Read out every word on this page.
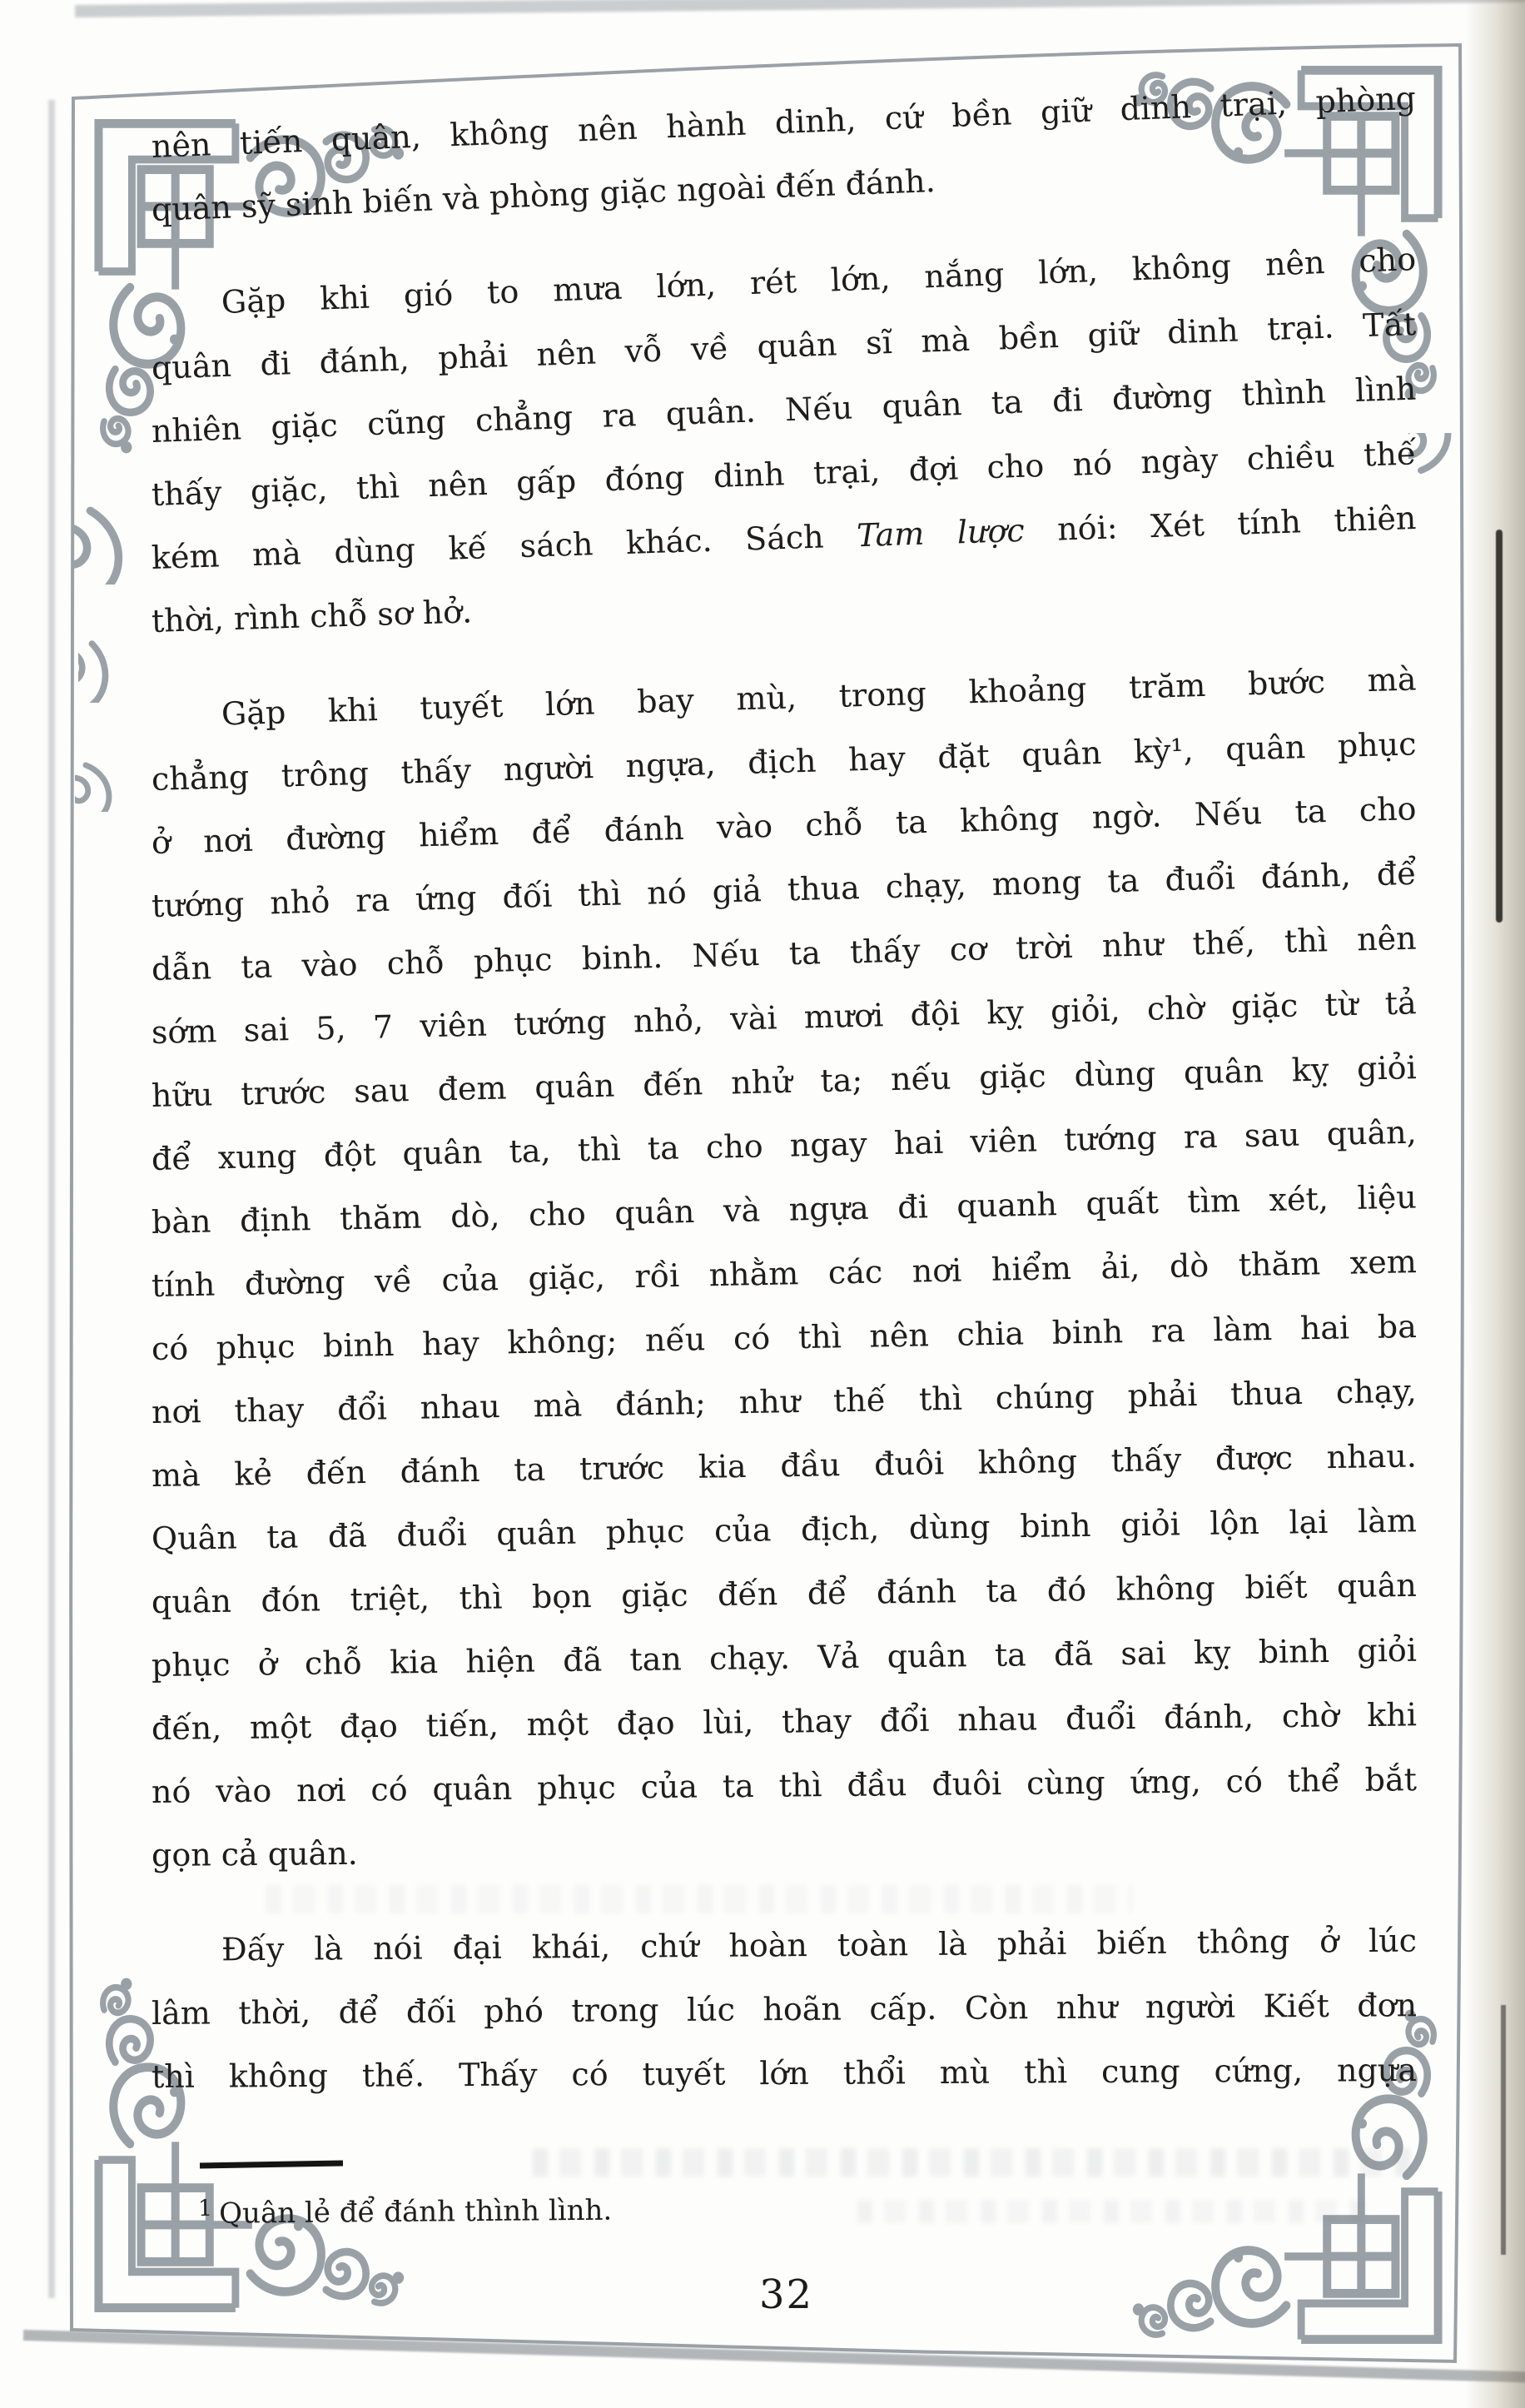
nên tiến quân, không nên hành dinh, cứ bền giữ dinh trại, phòng
quân sỹ sinh biến và phòng giặc ngoài đến đánh.
Gặp khi gió to mưa lớn, rét lớn, nắng lớn, không nên cho
quân đi đánh, phải nên vỗ về quân sĩ mà bền giữ dinh trại. Tất
nhiên giặc cũng chẳng ra quân. Nếu quân ta đi đường thình lình
thấy giặc, thì nên gấp đóng dinh trại, đợi cho nó ngày chiều thế
kém mà dùng kế sách khác. Sách Tam lược nói: Xét tính thiên
thời, rình chỗ sơ hở.
Gặp khi tuyết lớn bay mù, trong khoảng trăm bước mà
chẳng trông thấy người ngựa, địch hay đặt quân kỳ¹, quân phục
ở nơi đường hiểm để đánh vào chỗ ta không ngờ. Nếu ta cho
tướng nhỏ ra ứng đối thì nó giả thua chạy, mong ta đuổi đánh, để
dẫn ta vào chỗ phục binh. Nếu ta thấy cơ trời như thế, thì nên
sớm sai 5, 7 viên tướng nhỏ, vài mươi đội kỵ giỏi, chờ giặc từ tả
hữu trước sau đem quân đến nhử ta; nếu giặc dùng quân kỵ giỏi
để xung đột quân ta, thì ta cho ngay hai viên tướng ra sau quân,
bàn định thăm dò, cho quân và ngựa đi quanh quất tìm xét, liệu
tính đường về của giặc, rồi nhằm các nơi hiểm ải, dò thăm xem
có phục binh hay không; nếu có thì nên chia binh ra làm hai ba
nơi thay đổi nhau mà đánh; như thế thì chúng phải thua chạy,
mà kẻ đến đánh ta trước kia đầu đuôi không thấy được nhau.
Quân ta đã đuổi quân phục của địch, dùng binh giỏi lộn lại làm
quân đón triệt, thì bọn giặc đến để đánh ta đó không biết quân
phục ở chỗ kia hiện đã tan chạy. Vả quân ta đã sai kỵ binh giỏi
đến, một đạo tiến, một đạo lùi, thay đổi nhau đuổi đánh, chờ khi
nó vào nơi có quân phục của ta thì đầu đuôi cùng ứng, có thể bắt
gọn cả quân.
Đấy là nói đại khái, chứ hoàn toàn là phải biến thông ở lúc
lâm thời, để đối phó trong lúc hoãn cấp. Còn như người Kiết đơn
thì không thế. Thấy có tuyết lớn thổi mù thì cung cứng, ngựa
$^1$ Quân lẻ để đánh thình lình.
32
